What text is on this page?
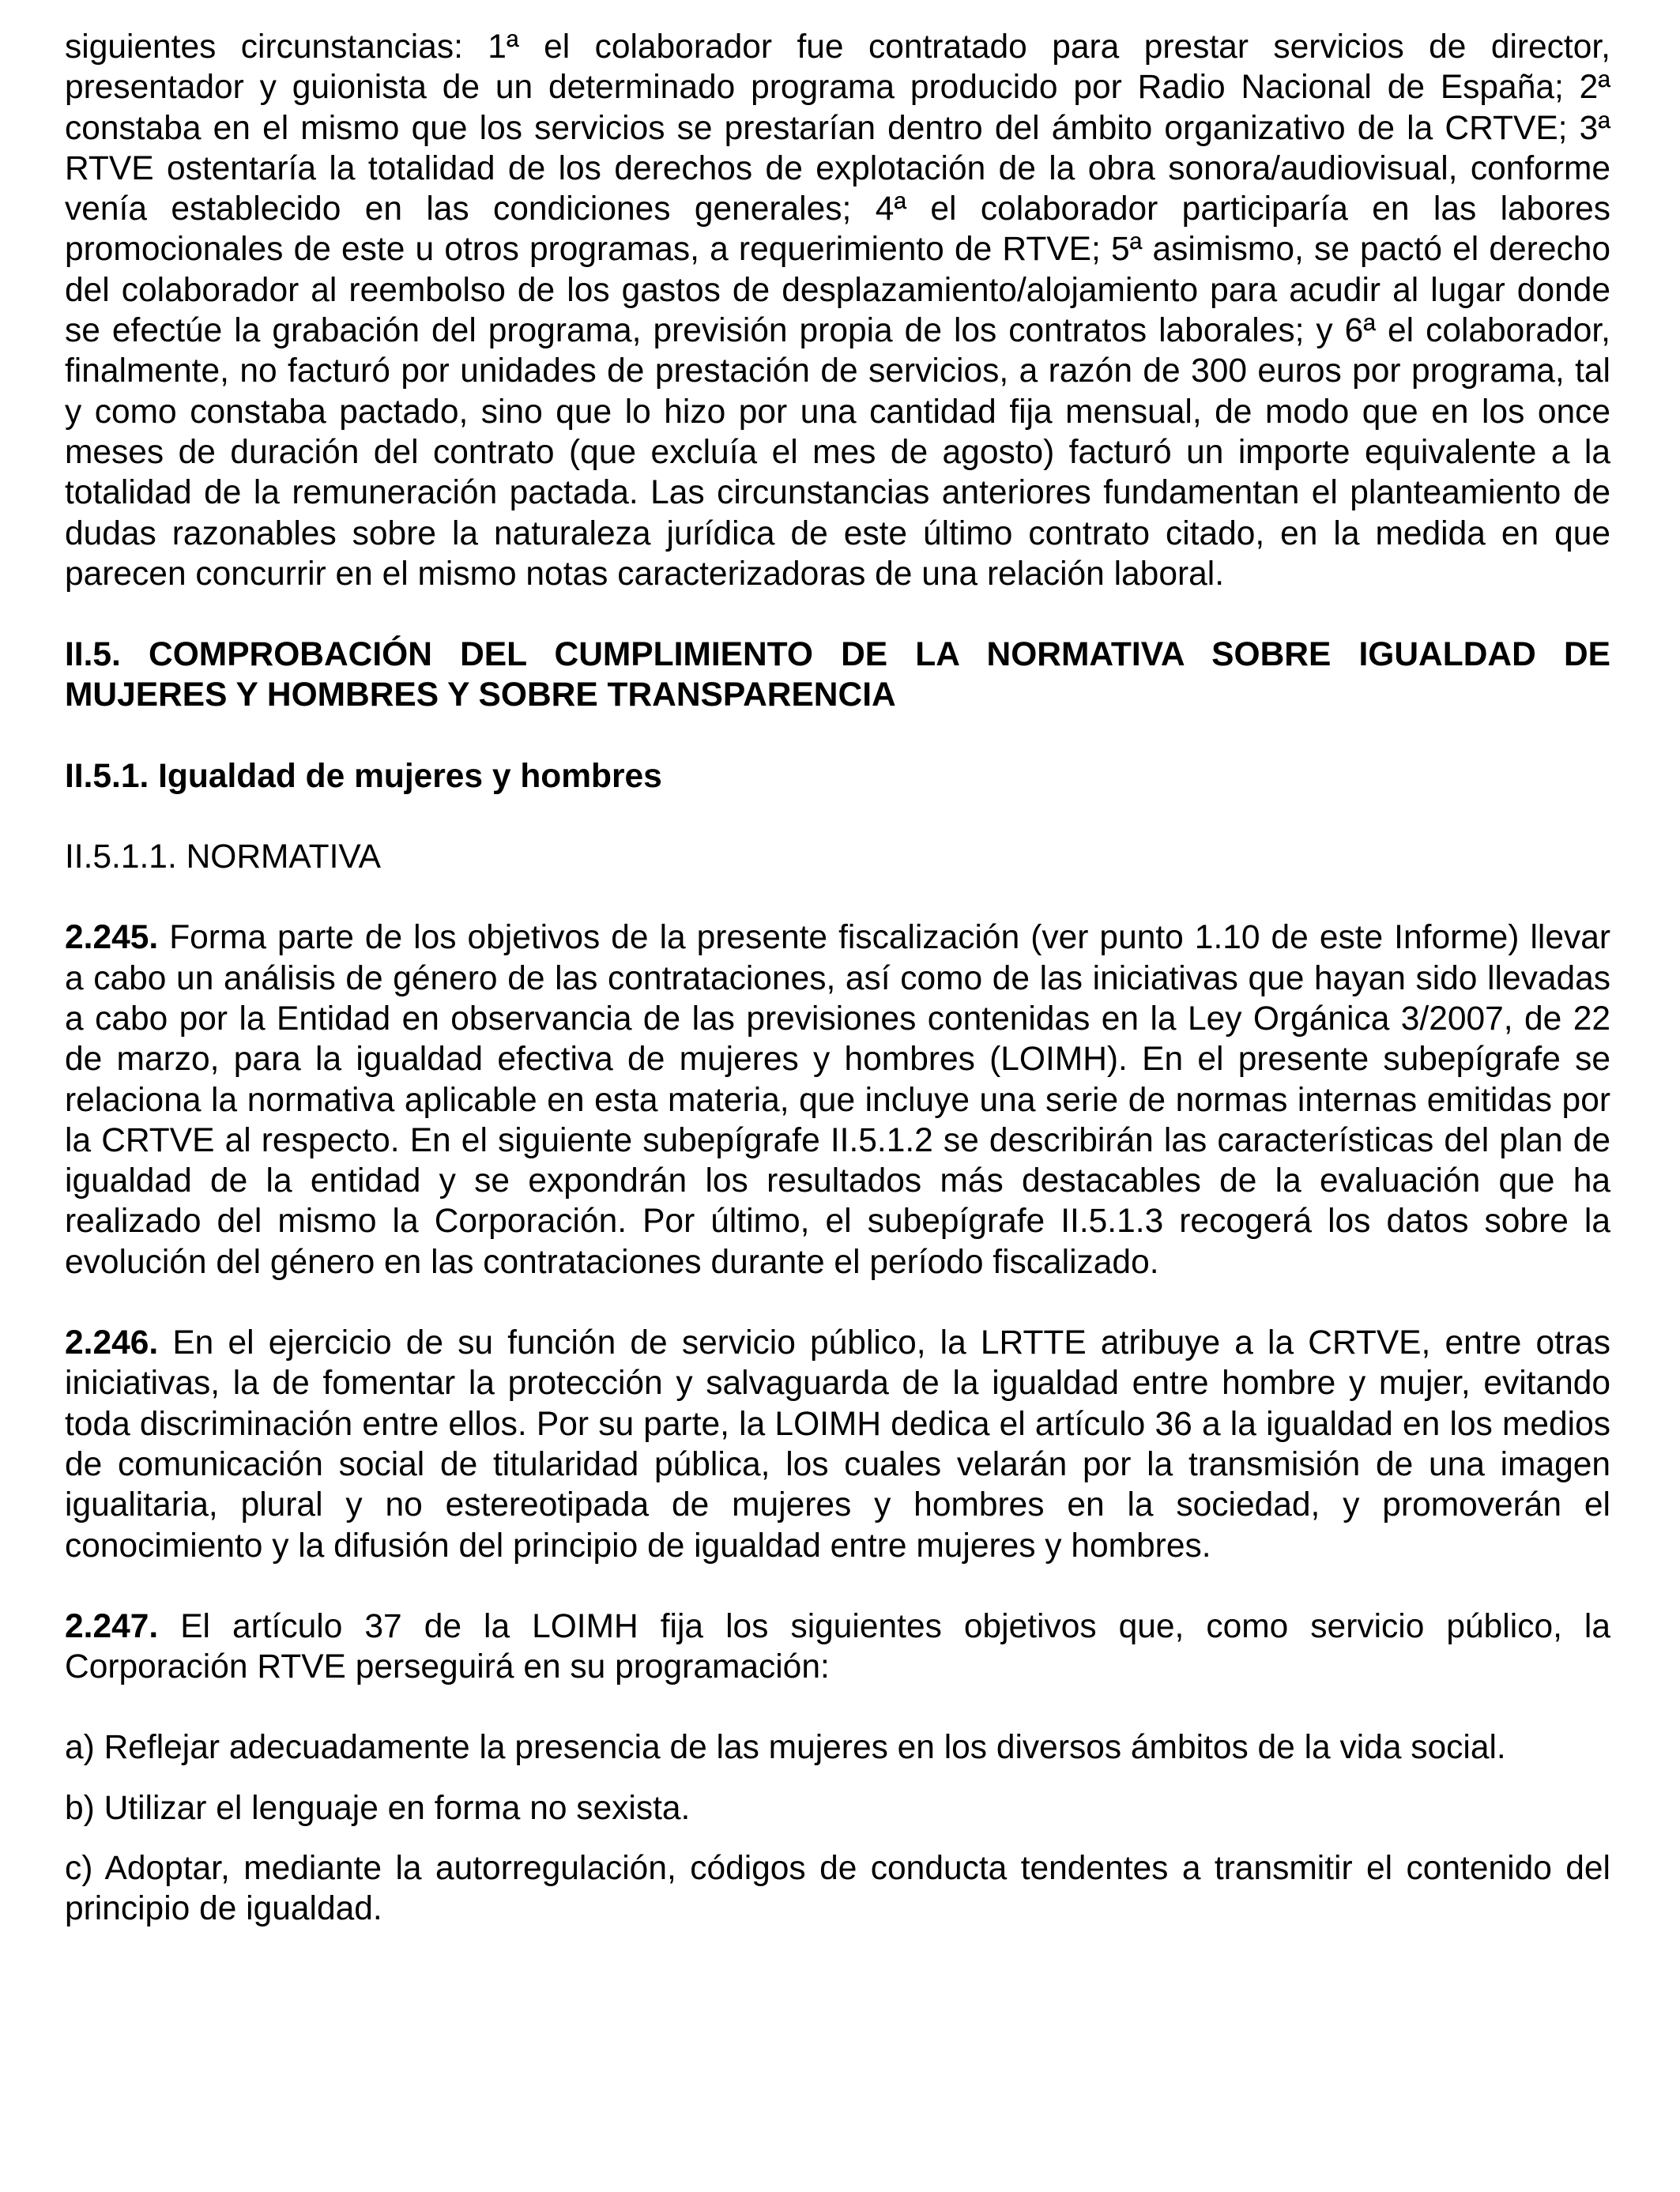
siguientes circunstancias: 1ª el colaborador fue contratado para prestar servicios de director, presentador y guionista de un determinado programa producido por Radio Nacional de España; 2ª constaba en el mismo que los servicios se prestarían dentro del ámbito organizativo de la CRTVE; 3ª RTVE ostentaría la totalidad de los derechos de explotación de la obra sonora/audiovisual, conforme venía establecido en las condiciones generales; 4ª el colaborador participaría en las labores promocionales de este u otros programas, a requerimiento de RTVE; 5ª asimismo, se pactó el derecho del colaborador al reembolso de los gastos de desplazamiento/alojamiento para acudir al lugar donde se efectúe la grabación del programa, previsión propia de los contratos laborales; y 6ª el colaborador, finalmente, no facturó por unidades de prestación de servicios, a razón de 300 euros por programa, tal y como constaba pactado, sino que lo hizo por una cantidad fija mensual, de modo que en los once meses de duración del contrato (que excluía el mes de agosto) facturó un importe equivalente a la totalidad de la remuneración pactada. Las circunstancias anteriores fundamentan el planteamiento de dudas razonables sobre la naturaleza jurídica de este último contrato citado, en la medida en que parecen concurrir en el mismo notas caracterizadoras de una relación laboral.

II.5. COMPROBACIÓN DEL CUMPLIMIENTO DE LA NORMATIVA SOBRE IGUALDAD DE MUJERES Y HOMBRES Y SOBRE TRANSPARENCIA

II.5.1. Igualdad de mujeres y hombres

II.5.1.1. NORMATIVA

2.245. Forma parte de los objetivos de la presente fiscalización (ver punto 1.10 de este Informe) llevar a cabo un análisis de género de las contrataciones, así como de las iniciativas que hayan sido llevadas a cabo por la Entidad en observancia de las previsiones contenidas en la Ley Orgánica 3/2007, de 22 de marzo, para la igualdad efectiva de mujeres y hombres (LOIMH). En el presente subepígrafe se relaciona la normativa aplicable en esta materia, que incluye una serie de normas internas emitidas por la CRTVE al respecto. En el siguiente subepígrafe II.5.1.2 se describirán las características del plan de igualdad de la entidad y se expondrán los resultados más destacables de la evaluación que ha realizado del mismo la Corporación. Por último, el subepígrafe II.5.1.3 recogerá los datos sobre la evolución del género en las contrataciones durante el período fiscalizado.

2.246. En el ejercicio de su función de servicio público, la LRTTE atribuye a la CRTVE, entre otras iniciativas, la de fomentar la protección y salvaguarda de la igualdad entre hombre y mujer, evitando toda discriminación entre ellos. Por su parte, la LOIMH dedica el artículo 36 a la igualdad en los medios de comunicación social de titularidad pública, los cuales velarán por la transmisión de una imagen igualitaria, plural y no estereotipada de mujeres y hombres en la sociedad, y promoverán el conocimiento y la difusión del principio de igualdad entre mujeres y hombres.

2.247. El artículo 37 de la LOIMH fija los siguientes objetivos que, como servicio público, la Corporación RTVE perseguirá en su programación:

a) Reflejar adecuadamente la presencia de las mujeres en los diversos ámbitos de la vida social.

b) Utilizar el lenguaje en forma no sexista.

c) Adoptar, mediante la autorregulación, códigos de conducta tendentes a transmitir el contenido del principio de igualdad.
